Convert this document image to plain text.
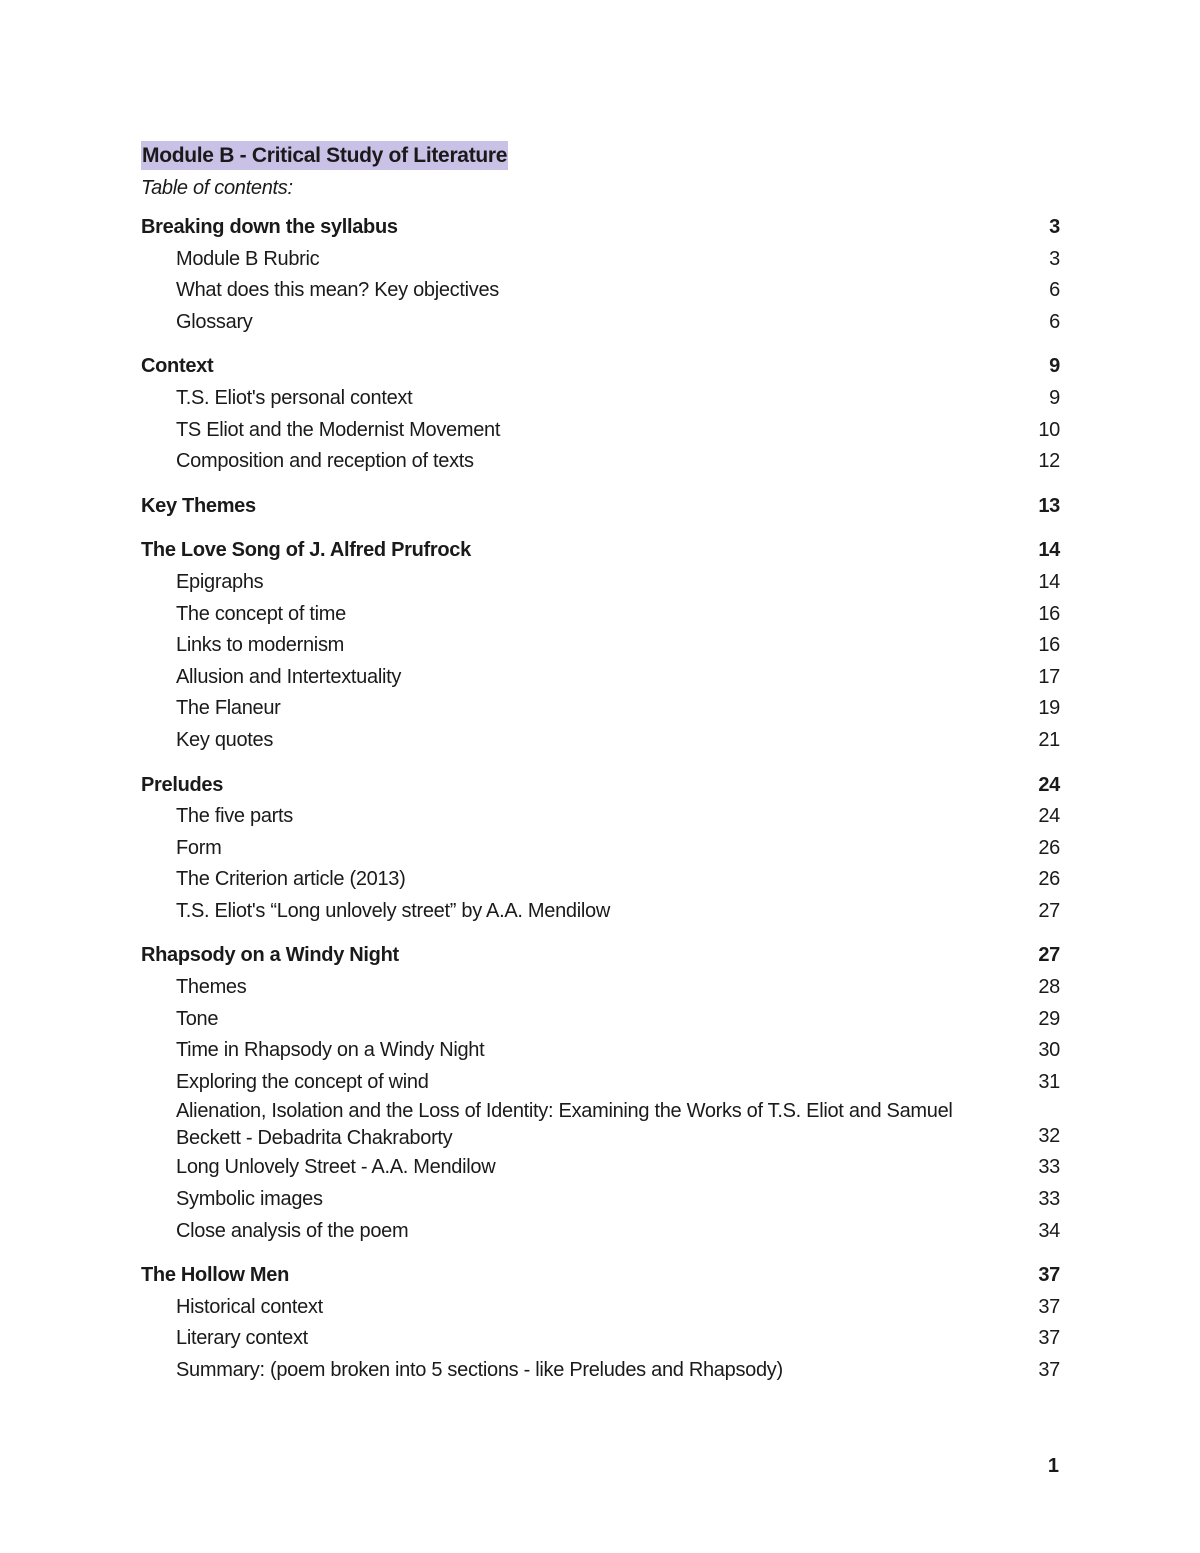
Module B - Critical Study of Literature
Table of contents:
Breaking down the syllabus	3
Module B Rubric	3
What does this mean? Key objectives	6
Glossary	6
Context	9
T.S. Eliot's personal context	9
TS Eliot and the Modernist Movement	10
Composition and reception of texts	12
Key Themes	13
The Love Song of J. Alfred Prufrock	14
Epigraphs	14
The concept of time	16
Links to modernism	16
Allusion and Intertextuality	17
The Flaneur	19
Key quotes	21
Preludes	24
The five parts	24
Form	26
The Criterion article (2013)	26
T.S. Eliot's “Long unlovely street” by A.A. Mendilow	27
Rhapsody on a Windy Night	27
Themes	28
Tone	29
Time in Rhapsody on a Windy Night	30
Exploring the concept of wind	31
Alienation, Isolation and the Loss of Identity: Examining the Works of T.S. Eliot and Samuel Beckett - Debadrita Chakraborty	32
Long Unlovely Street - A.A. Mendilow	33
Symbolic images	33
Close analysis of the poem	34
The Hollow Men	37
Historical context	37
Literary context	37
Summary: (poem broken into 5 sections - like Preludes and Rhapsody)	37
1
